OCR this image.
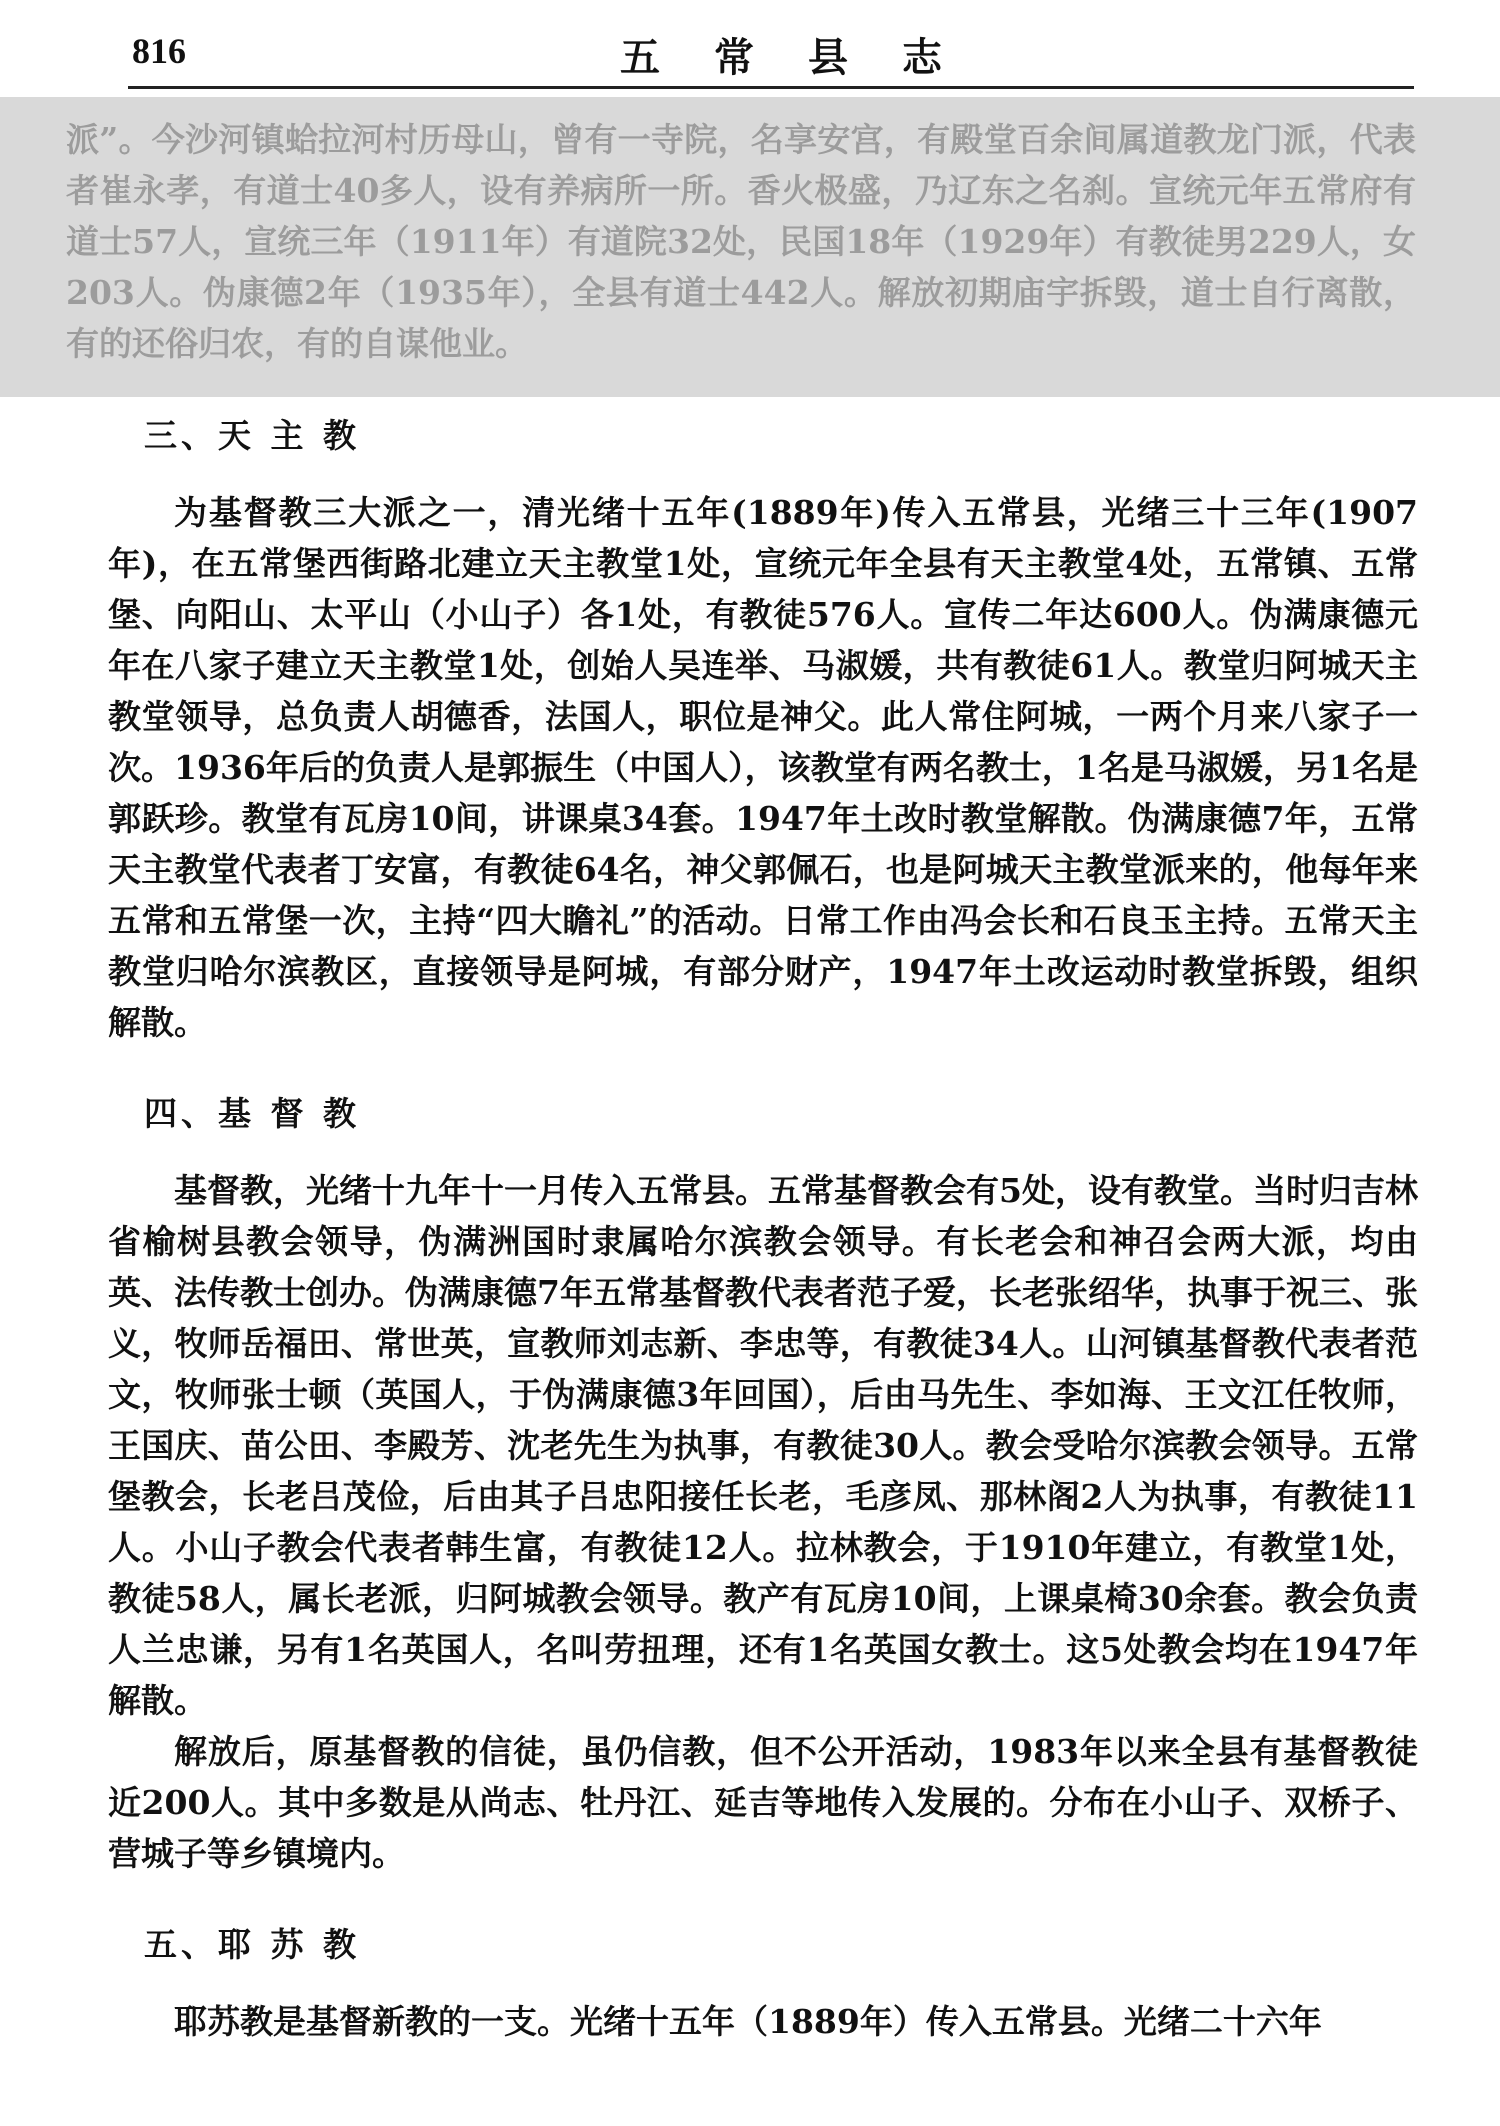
816	五常县志

派”。今沙河镇蛤拉河村历母山，曾有一寺院，名享安宫，有殿堂百余间属道教龙门派，代表者崔永孝，有道士40多人，设有养病所一所。香火极盛，乃辽东之名刹。宣统元年五常府有道士57人，宣统三年（1911年）有道院32处，民国18年（1929年）有教徒男229人，女203人。伪康德2年（1935年），全县有道士442人。解放初期庙宇拆毁，道士自行离散，有的还俗归农，有的自谋他业。

三、天 主 教

为基督教三大派之一，清光绪十五年(1889年)传入五常县，光绪三十三年(1907年)，在五常堡西街路北建立天主教堂1处，宣统元年全县有天主教堂4处，五常镇、五常堡、向阳山、太平山（小山子）各1处，有教徒576人。宣传二年达600人。伪满康德元年在八家子建立天主教堂1处，创始人吴连举、马淑媛，共有教徒61人。教堂归阿城天主教堂领导，总负责人胡德香，法国人，职位是神父。此人常住阿城，一两个月来八家子一次。1936年后的负责人是郭振生（中国人），该教堂有两名教士，1名是马淑媛，另1名是郭跃珍。教堂有瓦房10间，讲课桌34套。1947年土改时教堂解散。伪满康德7年，五常天主教堂代表者丁安富，有教徒64名，神父郭佩石，也是阿城天主教堂派来的，他每年来五常和五常堡一次，主持“四大瞻礼”的活动。日常工作由冯会长和石良玉主持。五常天主教堂归哈尔滨教区，直接领导是阿城，有部分财产，1947年土改运动时教堂拆毁，组织解散。

四、基 督 教

基督教，光绪十九年十一月传入五常县。五常基督教会有5处，设有教堂。当时归吉林省榆树县教会领导，伪满洲国时隶属哈尔滨教会领导。有长老会和神召会两大派，均由英、法传教士创办。伪满康德7年五常基督教代表者范子爱，长老张绍华，执事于祝三、张义，牧师岳福田、常世英，宣教师刘志新、李忠等，有教徒34人。山河镇基督教代表者范文，牧师张士顿（英国人，于伪满康德3年回国），后由马先生、李如海、王文江任牧师，王国庆、苗公田、李殿芳、沈老先生为执事，有教徒30人。教会受哈尔滨教会领导。五常堡教会，长老吕茂俭，后由其子吕忠阳接任长老，毛彦凤、那林阁2人为执事，有教徒11人。小山子教会代表者韩生富，有教徒12人。拉林教会，于1910年建立，有教堂1处，教徒58人，属长老派，归阿城教会领导。教产有瓦房10间，上课桌椅30余套。教会负责人兰忠谦，另有1名英国人，名叫劳扭理，还有1名英国女教士。这5处教会均在1947年解散。

解放后，原基督教的信徒，虽仍信教，但不公开活动，1983年以来全县有基督教徒近200人。其中多数是从尚志、牡丹江、延吉等地传入发展的。分布在小山子、双桥子、营城子等乡镇境内。

五、耶 苏 教

耶苏教是基督新教的一支。光绪十五年（1889年）传入五常县。光绪二十六年
